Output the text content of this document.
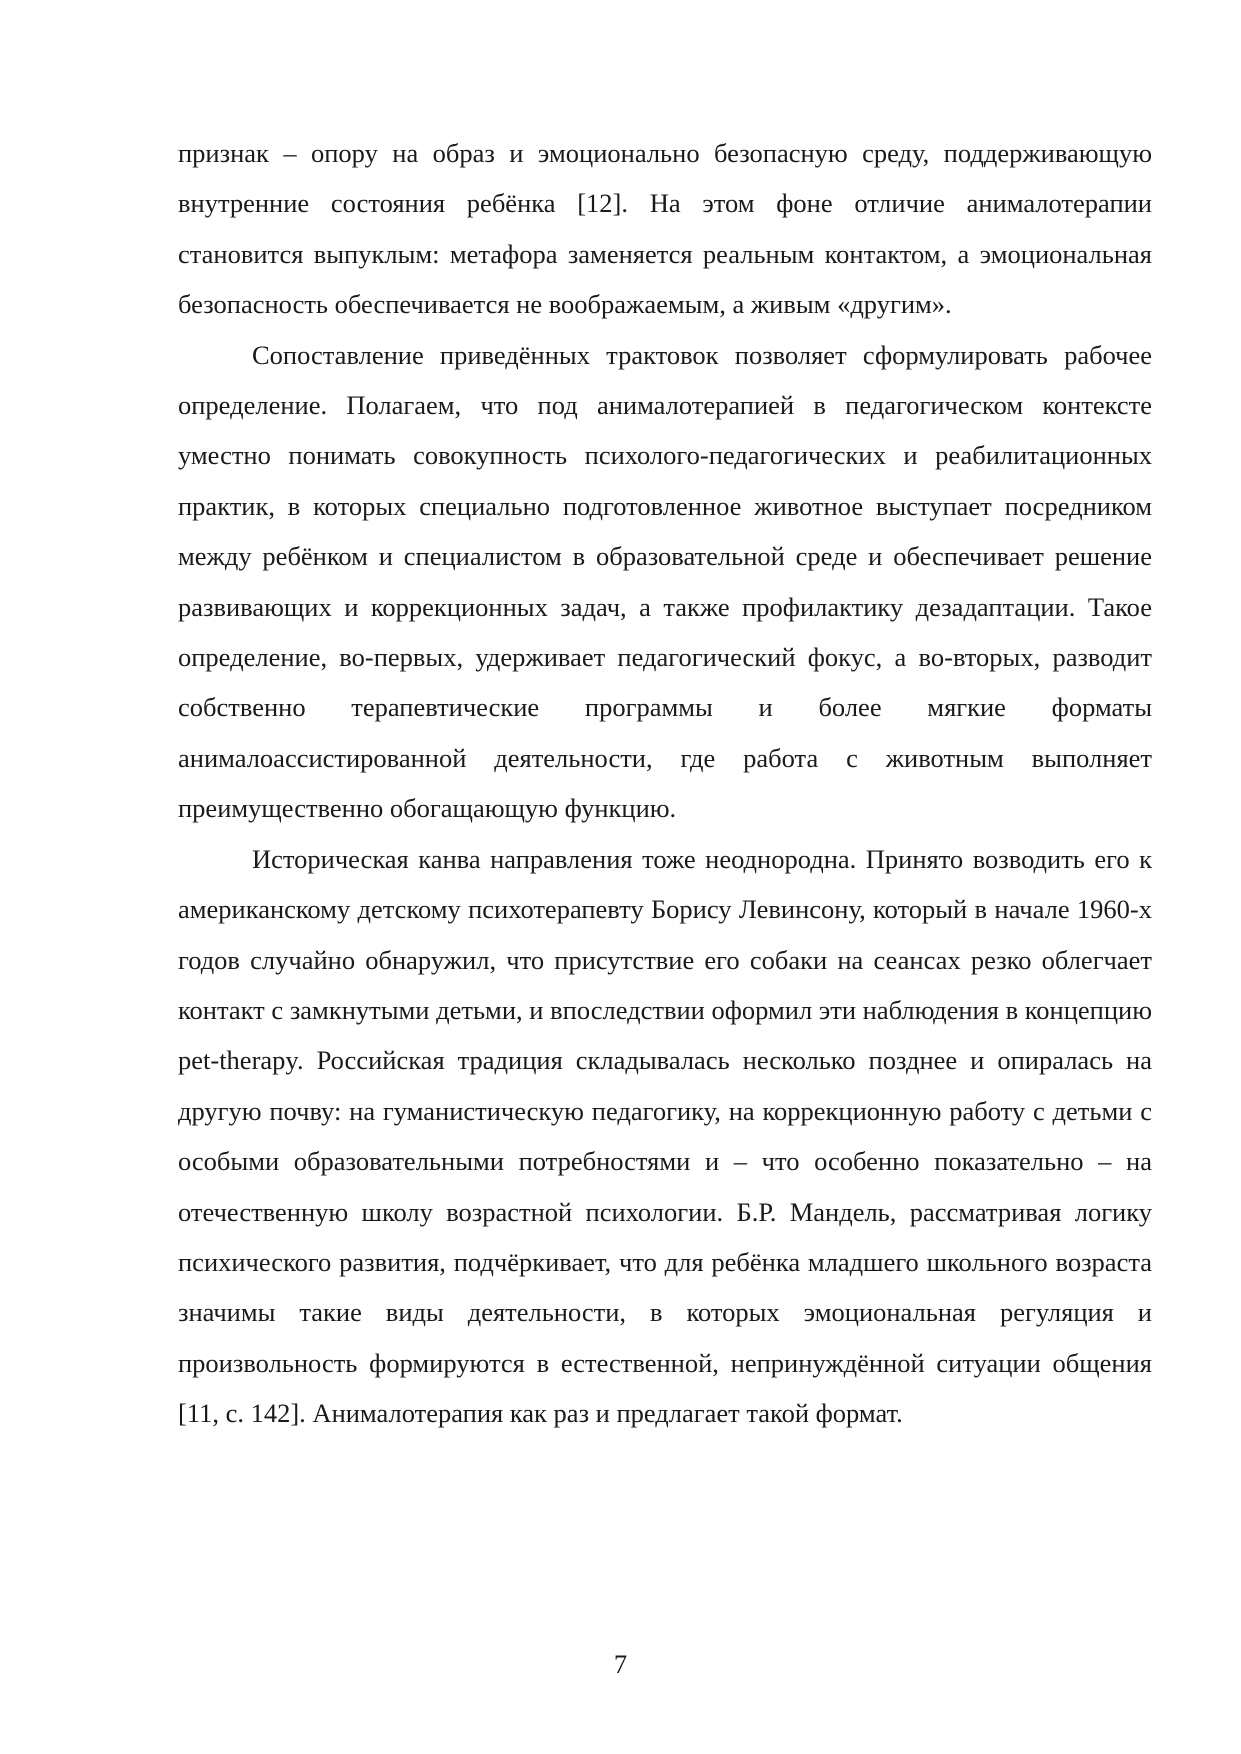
признак – опору на образ и эмоционально безопасную среду, поддерживающую внутренние состояния ребёнка [12]. На этом фоне отличие анималотерапии становится выпуклым: метафора заменяется реальным контактом, а эмоциональная безопасность обеспечивается не воображаемым, а живым «другим».

Сопоставление приведённых трактовок позволяет сформулировать рабочее определение. Полагаем, что под анималотерапией в педагогическом контексте уместно понимать совокупность психолого-педагогических и реабилитационных практик, в которых специально подготовленное животное выступает посредником между ребёнком и специалистом в образовательной среде и обеспечивает решение развивающих и коррекционных задач, а также профилактику дезадаптации. Такое определение, во-первых, удерживает педагогический фокус, а во-вторых, разводит собственно терапевтические программы и более мягкие форматы анималоассистированной деятельности, где работа с животным выполняет преимущественно обогащающую функцию.

Историческая канва направления тоже неоднородна. Принято возводить его к американскому детскому психотерапевту Борису Левинсону, который в начале 1960-х годов случайно обнаружил, что присутствие его собаки на сеансах резко облегчает контакт с замкнутыми детьми, и впоследствии оформил эти наблюдения в концепцию pet-therapy. Российская традиция складывалась несколько позднее и опиралась на другую почву: на гуманистическую педагогику, на коррекционную работу с детьми с особыми образовательными потребностями и – что особенно показательно – на отечественную школу возрастной психологии. Б.Р. Мандель, рассматривая логику психического развития, подчёркивает, что для ребёнка младшего школьного возраста значимы такие виды деятельности, в которых эмоциональная регуляция и произвольность формируются в естественной, непринуждённой ситуации общения [11, с. 142]. Анималотерапия как раз и предлагает такой формат.

7
